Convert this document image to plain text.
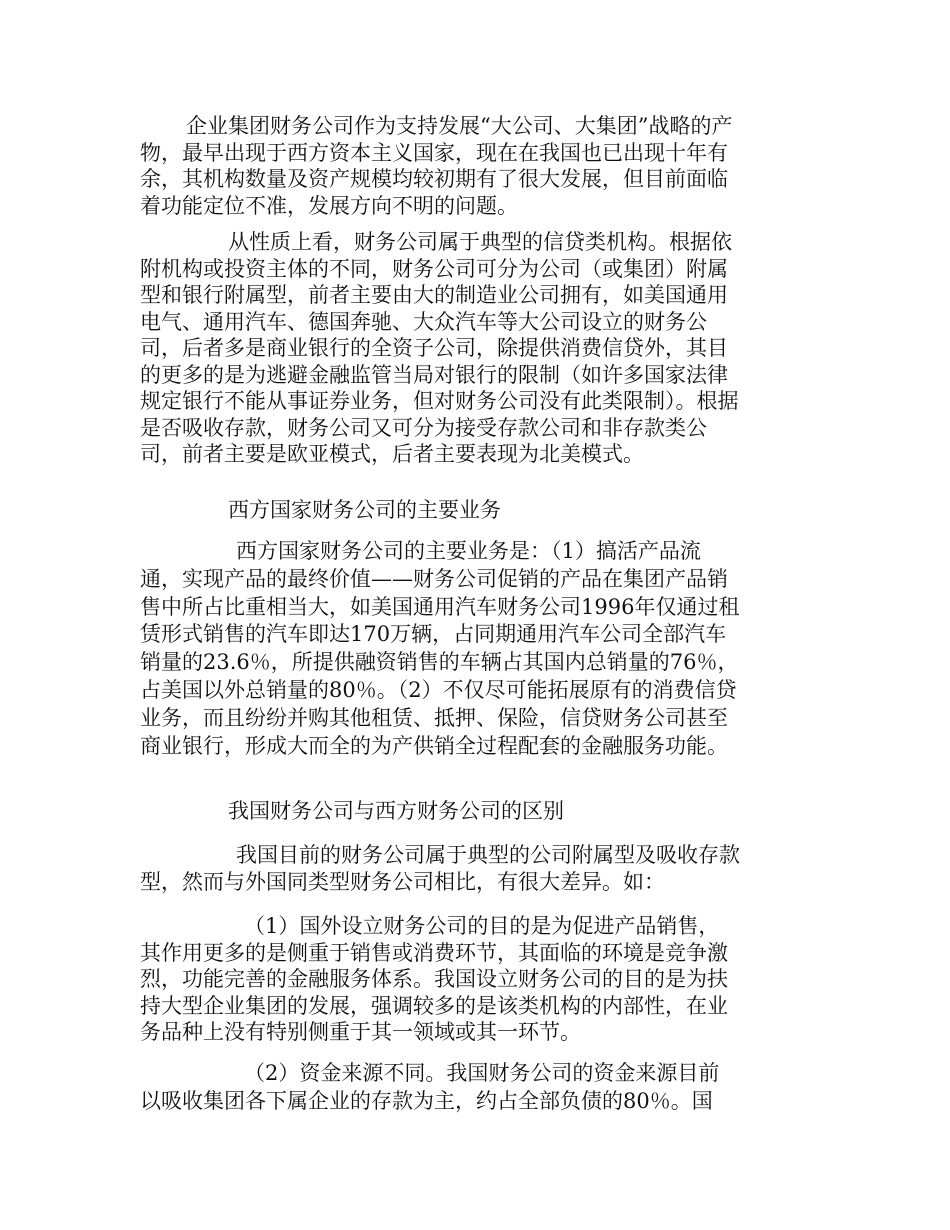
企业集团财务公司作为支持发展“大公司、大集团”战略的产物，最早出现于西方资本主义国家，现在在我国也已出现十年有余，其机构数量及资产规模均较初期有了很大发展，但目前面临着功能定位不准，发展方向不明的问题。

从性质上看，财务公司属于典型的信贷类机构。根据依附机构或投资主体的不同，财务公司可分为公司（或集团）附属型和银行附属型，前者主要由大的制造业公司拥有，如美国通用电气、通用汽车、德国奔驰、大众汽车等大公司设立的财务公司，后者多是商业银行的全资子公司，除提供消费信贷外，其目的更多的是为逃避金融监管当局对银行的限制（如许多国家法律规定银行不能从事证券业务，但对财务公司没有此类限制）。根据是否吸收存款，财务公司又可分为接受存款公司和非存款类公司，前者主要是欧亚模式，后者主要表现为北美模式。

西方国家财务公司的主要业务

西方国家财务公司的主要业务是：（1）搞活产品流通，实现产品的最终价值——财务公司促销的产品在集团产品销售中所占比重相当大，如美国通用汽车财务公司1996年仅通过租赁形式销售的汽车即达170万辆，占同期通用汽车公司全部汽车销量的23.6％，所提供融资销售的车辆占其国内总销量的76％，占美国以外总销量的80％。（2）不仅尽可能拓展原有的消费信贷业务，而且纷纷并购其他租赁、抵押、保险，信贷财务公司甚至商业银行，形成大而全的为产供销全过程配套的金融服务功能。

我国财务公司与西方财务公司的区别

我国目前的财务公司属于典型的公司附属型及吸收存款型，然而与外国同类型财务公司相比，有很大差异。如：

（1）国外设立财务公司的目的是为促进产品销售，其作用更多的是侧重于销售或消费环节，其面临的环境是竞争激烈，功能完善的金融服务体系。我国设立财务公司的目的是为扶持大型企业集团的发展，强调较多的是该类机构的内部性，在业务品种上没有特别侧重于其一领域或其一环节。

（2）资金来源不同。我国财务公司的资金来源目前以吸收集团各下属企业的存款为主，约占全部负债的80％。国
